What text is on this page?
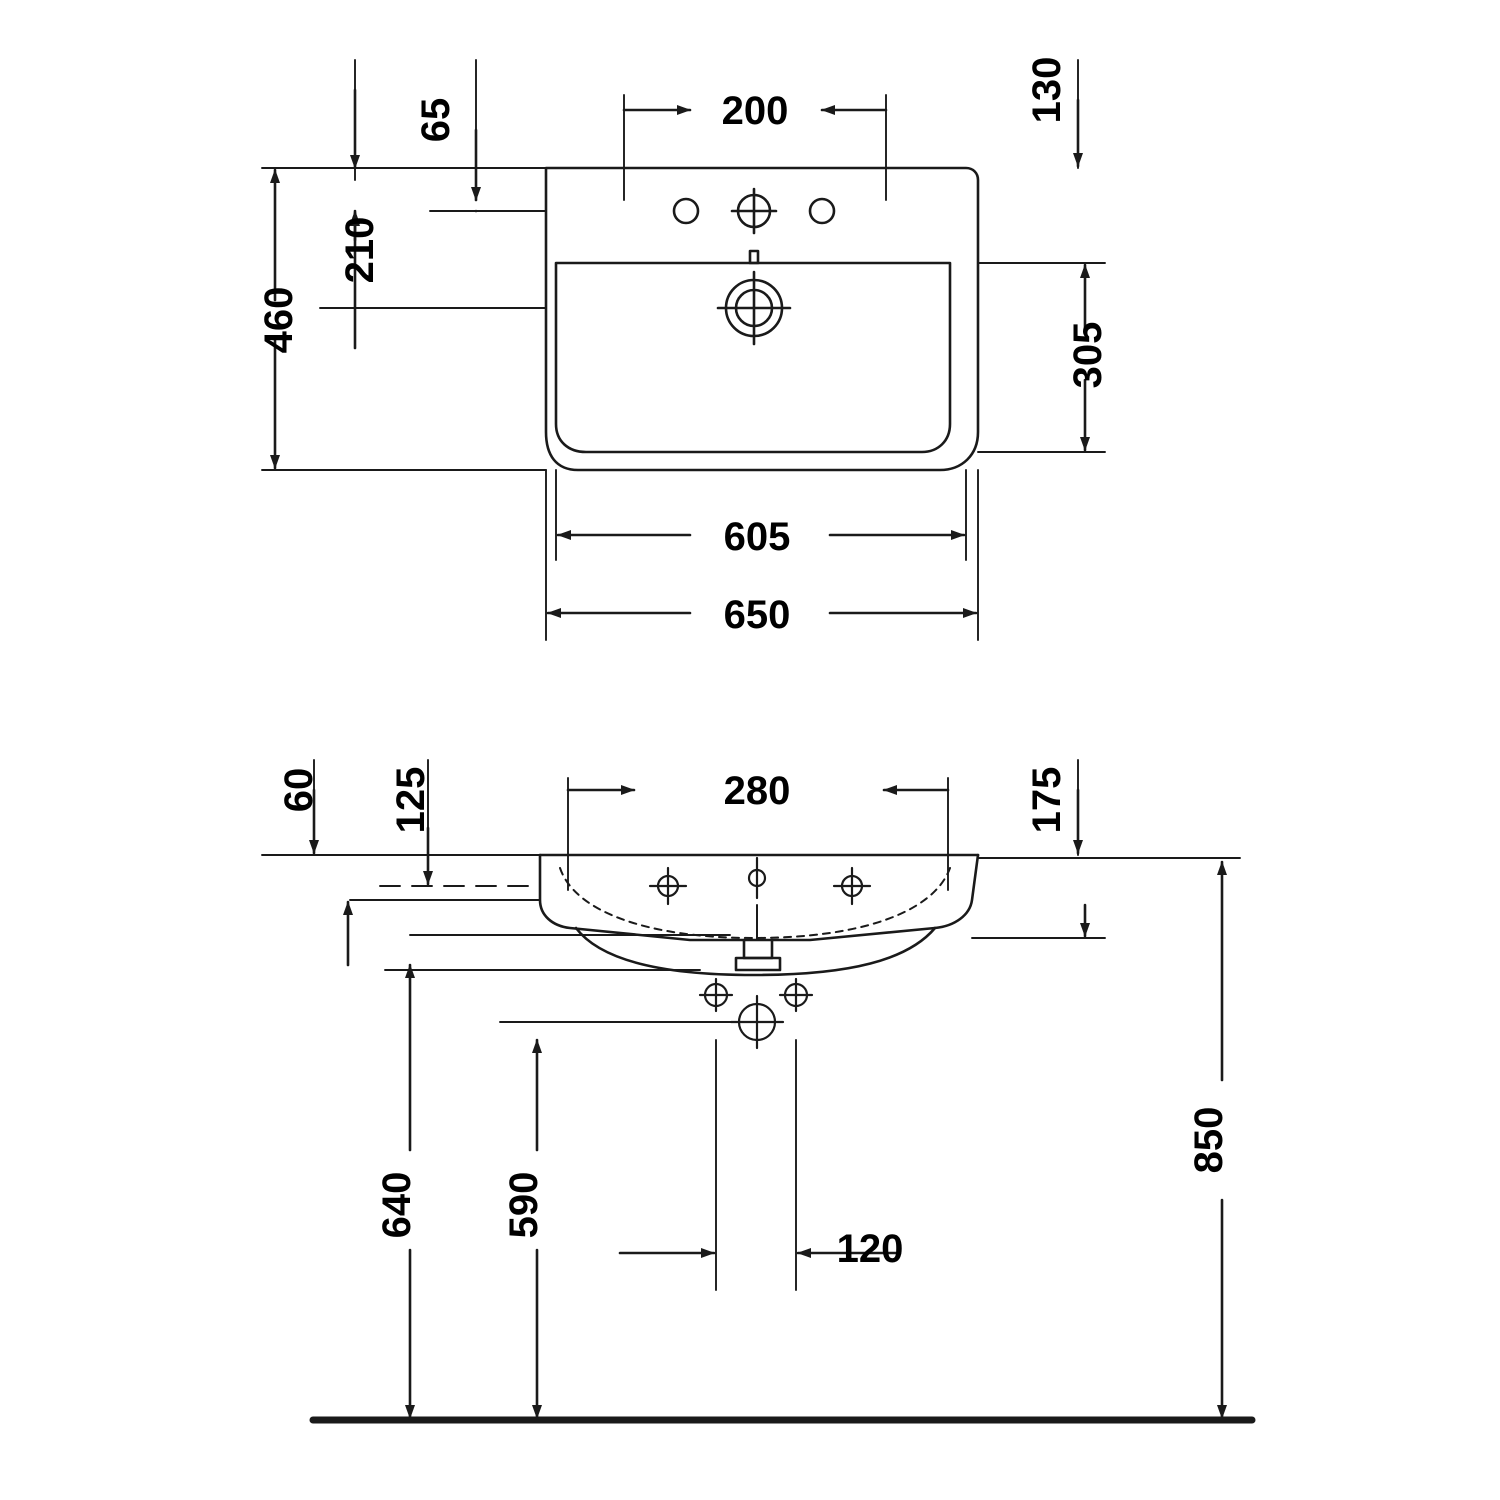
65
210
460
200	130
305
605
650
60 125	280	175
640 590
120
850
